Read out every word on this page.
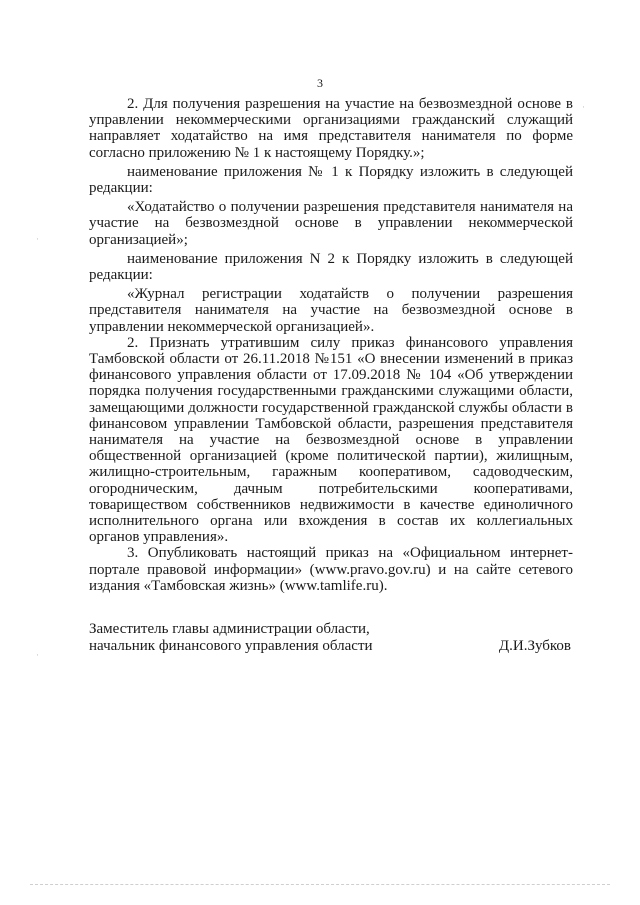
3

2. Для получения разрешения на участие на безвозмездной основе в управлении некоммерческими организациями гражданский служащий направляет ходатайство на имя представителя нанимателя по форме согласно приложению № 1 к настоящему Порядку.»;

наименование приложения № 1 к Порядку изложить в следующей редакции:

«Ходатайство о получении разрешения представителя нанимателя на участие на безвозмездной основе в управлении некоммерческой организацией»;

наименование приложения N 2 к Порядку изложить в следующей редакции:

«Журнал регистрации ходатайств о получении разрешения представителя нанимателя на участие на безвозмездной основе в управлении некоммерческой организацией».

2. Признать утратившим силу приказ финансового управления Тамбовской области от 26.11.2018 №151 «О внесении изменений в приказ финансового управления области от 17.09.2018 № 104 «Об утверждении порядка получения государственными гражданскими служащими области, замещающими должности государственной гражданской службы области в финансовом управлении Тамбовской области, разрешения представителя нанимателя на участие на безвозмездной основе в управлении общественной организацией (кроме политической партии), жилищным, жилищно-строительным, гаражным кооперативом, садоводческим, огородническим, дачным потребительскими кооперативами, товариществом собственников недвижимости в качестве единоличного исполнительного органа или вхождения в состав их коллегиальных органов управления».

3. Опубликовать настоящий приказ на «Официальном интернет-портале правовой информации» (www.pravo.gov.ru) и на сайте сетевого издания «Тамбовская жизнь» (www.tamlife.ru).

Заместитель главы администрации области,
начальник финансового управления области	Д.И.Зубков
·
·
·
